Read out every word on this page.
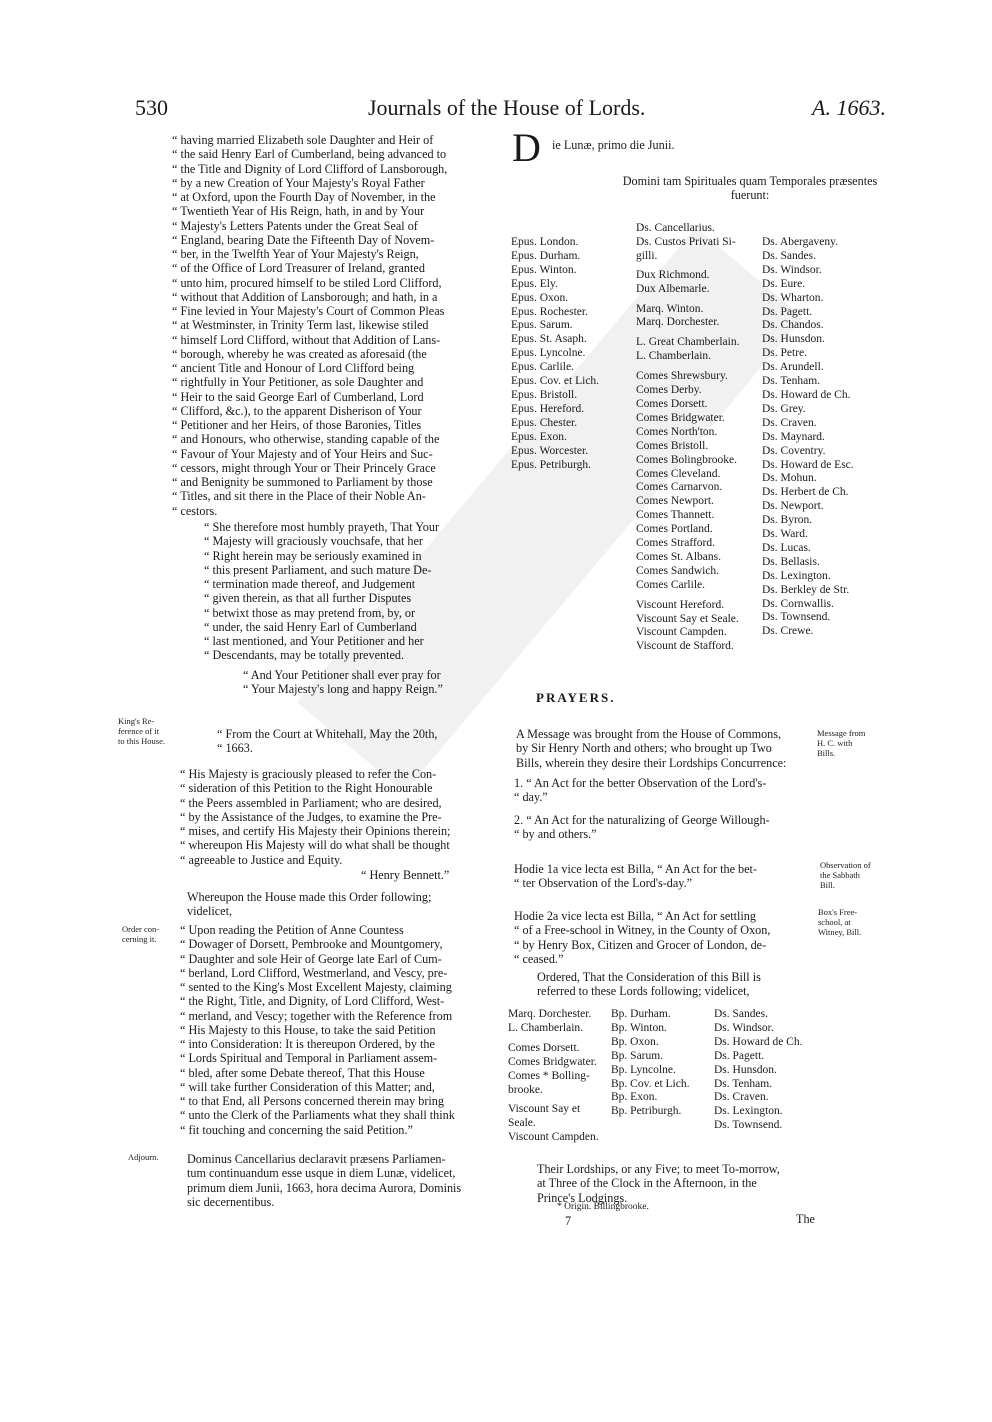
530	Journals of the House of Lords.	A. 1663.
“ having married Elizabeth sole Daughter and Heir of
“ the said Henry Earl of Cumberland, being advanced to
“ the Title and Dignity of Lord Clifford of Lansborough,
“ by a new Creation of Your Majesty's Royal Father
“ at Oxford, upon the Fourth Day of November, in the
“ Twentieth Year of His Reign, hath, in and by Your
“ Majesty's Letters Patents under the Great Seal of
“ England, bearing Date the Fifteenth Day of Novem-
“ ber, in the Twelfth Year of Your Majesty's Reign,
“ of the Office of Lord Treasurer of Ireland, granted
“ unto him, procured himself to be stiled Lord Clifford,
“ without that Addition of Lansborough; and hath, in a
“ Fine levied in Your Majesty's Court of Common Pleas
“ at Westminster, in Trinity Term last, likewise stiled
“ himself Lord Clifford, without that Addition of Lans-
“ borough, whereby he was created as aforesaid (the
“ ancient Title and Honour of Lord Clifford being
“ rightfully in Your Petitioner, as sole Daughter and
“ Heir to the said George Earl of Cumberland, Lord
“ Clifford, &c.), to the apparent Disherison of Your
“ Petitioner and her Heirs, of those Baronies, Titles
“ and Honours, who otherwise, standing capable of the
“ Favour of Your Majesty and of Your Heirs and Suc-
“ cessors, might through Your or Their Princely Grace
“ and Benignity be summoned to Parliament by those
“ Titles, and sit there in the Place of their Noble An-
“ cestors.
“ She therefore most humbly prayeth, That Your
“ Majesty will graciously vouchsafe, that her
“ Right herein may be seriously examined in
“ this present Parliament, and such mature De-
“ termination made thereof, and Judgement
“ given therein, as that all further Disputes
“ betwixt those as may pretend from, by, or
“ under, the said Henry Earl of Cumberland
“ last mentioned, and Your Petitioner and her
“ Descendants, may be totally prevented.
“ And Your Petitioner shall ever pray for
“ Your Majesty's long and happy Reign.”
“ From the Court at Whitehall, May the 20th,
“ 1663.
“ His Majesty is graciously pleased to refer the Con-
“ sideration of this Petition to the Right Honourable
“ the Peers assembled in Parliament; who are desired,
“ by the Assistance of the Judges, to examine the Pre-
“ mises, and certify His Majesty their Opinions therein;
“ whereupon His Majesty will do what shall be thought
“ agreeable to Justice and Equity.
“ Henry Bennett.”
Whereupon the House made this Order following;
videlicet,
“ Upon reading the Petition of Anne Countess
“ Dowager of Dorsett, Pembrooke and Mountgomery,
“ Daughter and sole Heir of George late Earl of Cum-
“ berland, Lord Clifford, Westmerland, and Vescy, pre-
“ sented to the King's Most Excellent Majesty, claiming
“ the Right, Title, and Dignity, of Lord Clifford, West-
“ merland, and Vescy; together with the Reference from
“ His Majesty to this House, to take the said Petition
“ into Consideration: It is thereupon Ordered, by the
“ Lords Spiritual and Temporal in Parliament assem-
“ bled, after some Debate thereof, That this House
“ will take further Consideration of this Matter; and,
“ to that End, all Persons concerned therein may bring
“ unto the Clerk of the Parliaments what they shall think
“ fit touching and concerning the said Petition.”
Dominus Cancellarius declaravit præsens Parliamen-
tum continuandum esse usque in diem Lunæ, videlicet,
primum diem Junii, 1663, hora decima Aurora, Dominis
sic decernentibus.
King's Re-
ference of it
to this House.
Order con-
cerning it.
Adjourn.
D ie Lunæ, primo die Junii.
Domini tam Spirituales quam Temporales præsentes
fuerunt:
Epus. London.
Epus. Durham.
Epus. Winton.
Epus. Ely.
Epus. Oxon.
Epus. Rochester.
Epus. Sarum.
Epus. St. Asaph.
Epus. Lyncolne.
Epus. Carlile.
Epus. Cov. et Lich.
Epus. Bristoll.
Epus. Hereford.
Epus. Chester.
Epus. Exon.
Epus. Worcester.
Epus. Petriburgh.
Ds. Cancellarius.
Ds. Custos Privati Si-
gilli.
Dux Richmond.
Dux Albemarle.

Marq. Winton.
Marq. Dorchester.

L. Great Chamberlain.
L. Chamberlain.

Comes Shrewsbury.
Comes Derby.
Comes Dorsett.
Comes Bridgwater.
Comes North'ton.
Comes Bristoll.
Comes Bolingbrooke.
Comes Cleveland.
Comes Carnarvon.
Comes Newport.
Comes Thannett.
Comes Portland.
Comes Strafford.
Comes St. Albans.
Comes Sandwich.
Comes Carlile.

Viscount Hereford.
Viscount Say et Seale.
Viscount Campden.
Viscount de Stafford.
Ds. Abergaveny.
Ds. Sandes.
Ds. Windsor.
Ds. Eure.
Ds. Wharton.
Ds. Pagett.
Ds. Chandos.
Ds. Hunsdon.
Ds. Petre.
Ds. Arundell.
Ds. Tenham.
Ds. Howard de Ch.
Ds. Grey.
Ds. Craven.
Ds. Maynard.
Ds. Coventry.
Ds. Howard de Esc.
Ds. Mohun.
Ds. Herbert de Ch.
Ds. Newport.
Ds. Byron.
Ds. Ward.
Ds. Lucas.
Ds. Bellasis.
Ds. Lexington.
Ds. Berkley de Str.
Ds. Cornwallis.
Ds. Townsend.
Ds. Crewe.
PRAYERS.
A Message was brought from the House of Commons,
by Sir Henry North and others; who brought up Two
Bills, wherein they desire their Lordships Concurrence:
1. “ An Act for the better Observation of the Lord's-
“ day.”
2. “ An Act for the naturalizing of George Willough-
“ by and others.”
Hodie 1a vice lecta est Billa, “ An Act for the bet-
“ ter Observation of the Lord's-day.”
Hodie 2a vice lecta est Billa, “ An Act for settling
“ of a Free-school in Witney, in the County of Oxon,
“ by Henry Box, Citizen and Grocer of London, de-
“ ceased.”
Ordered, That the Consideration of this Bill is
referred to these Lords following; videlicet,
Marq. Dorchester.
L. Chamberlain.

Comes Dorsett.
Comes Bridgwater.
Comes * Bolling-
brooke.

Viscount Say et
Seale.
Viscount Campden.
Bp. Durham.
Bp. Winton.
Bp. Oxon.
Bp. Sarum.
Bp. Lyncolne.
Bp. Cov. et Lich.
Bp. Exon.
Bp. Petriburgh.
Ds. Sandes.
Ds. Windsor.
Ds. Howard de Ch.
Ds. Pagett.
Ds. Hunsdon.
Ds. Tenham.
Ds. Craven.
Ds. Lexington.
Ds. Townsend.
Their Lordships, or any Five; to meet To-morrow,
at Three of the Clock in the Afternoon, in the
Prince's Lodgings.
* Origin. Billingbrooke.
7	The
Message from
H. C. with
Bills.
Observation of
the Sabbath
Bill.
Box's Free-
school, at
Witney, Bill.
